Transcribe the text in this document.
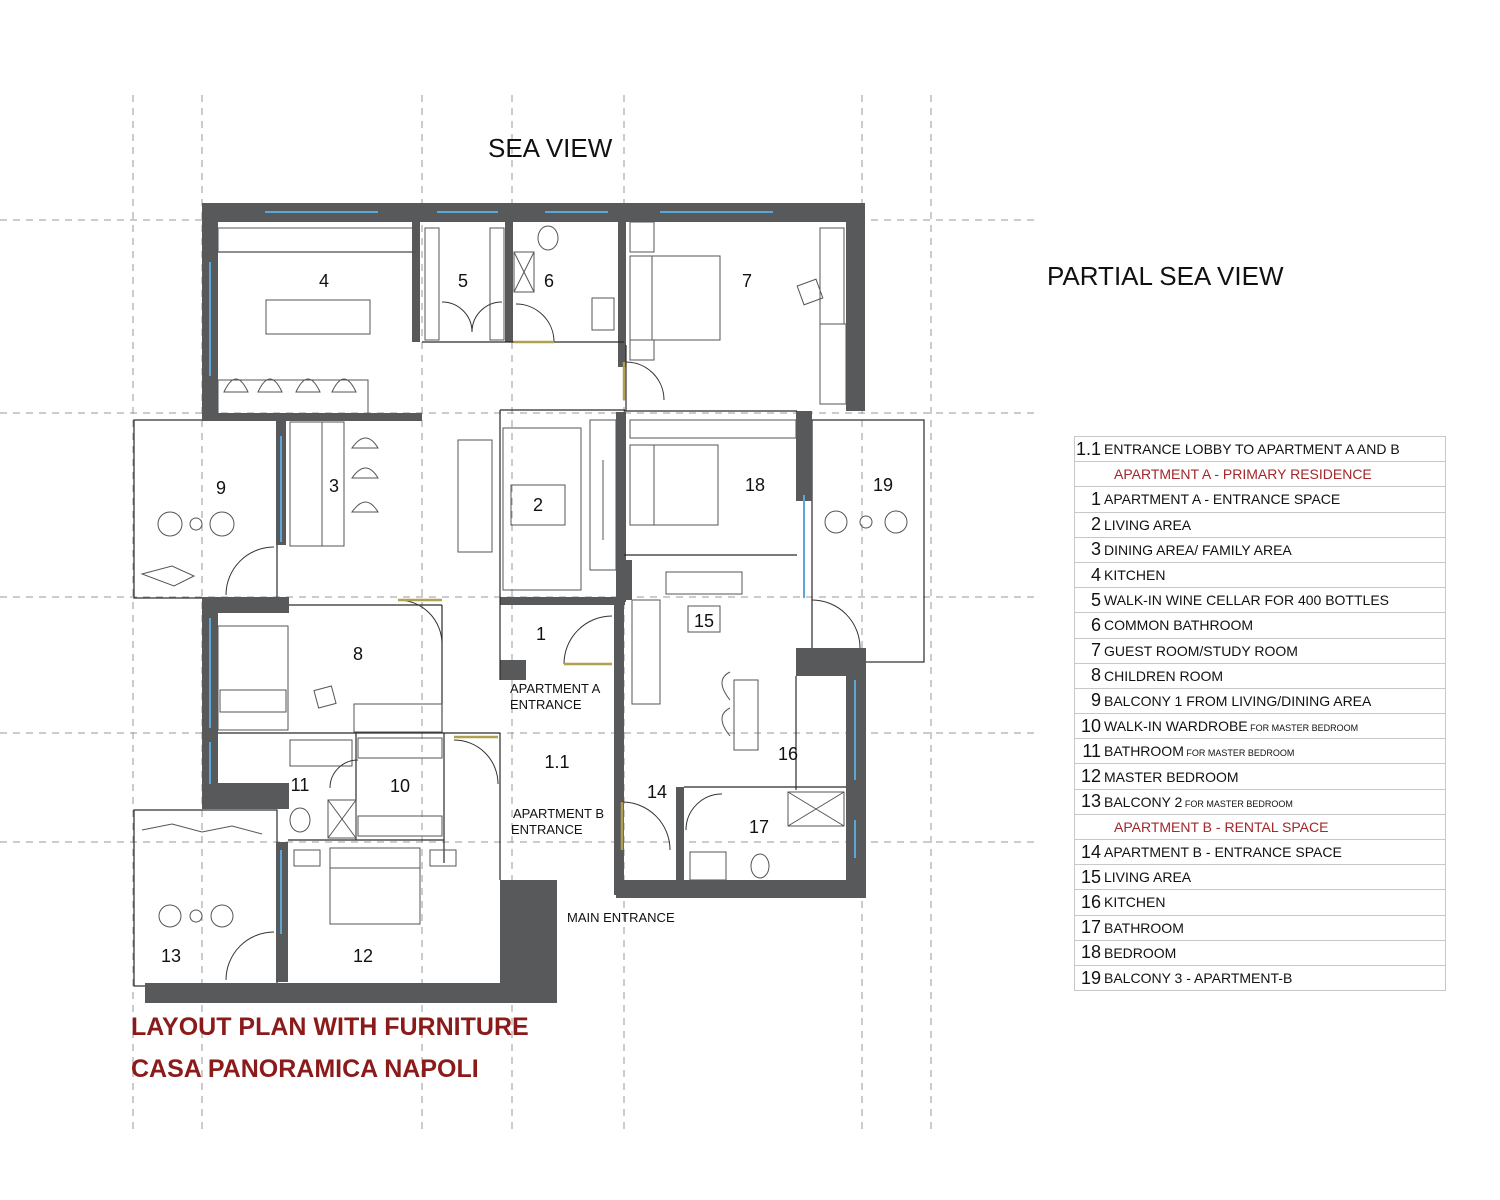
4	5	6	7
9	3
2
18	19
8
1
15
16
11	10
1.1
14
17
13	12
APARTMENT A
ENTRANCE
APARTMENT B
ENTRANCE
MAIN ENTRANCE
SEA VIEW
PARTIAL SEA VIEW
LAYOUT PLAN WITH FURNITURE
CASA PANORAMICA NAPOLI
1.1	ENTRANCE LOBBY TO APARTMENT A AND B
	APARTMENT A - PRIMARY RESIDENCE
1	APARTMENT A - ENTRANCE SPACE
2	LIVING AREA
3	DINING AREA/ FAMILY AREA
4	KITCHEN
5	WALK-IN WINE CELLAR FOR 400 BOTTLES
6	COMMON BATHROOM
7	GUEST ROOM/STUDY ROOM
8	CHILDREN ROOM
9	BALCONY 1 FROM LIVING/DINING AREA
10	WALK-IN WARDROBE FOR MASTER BEDROOM
11	BATHROOM FOR MASTER BEDROOM
12	MASTER BEDROOM
13	BALCONY 2 FOR MASTER BEDROOM
	APARTMENT B - RENTAL SPACE
14	APARTMENT B - ENTRANCE SPACE
15	LIVING AREA
16	KITCHEN
17	BATHROOM
18	BEDROOM
19	BALCONY 3 - APARTMENT-B
